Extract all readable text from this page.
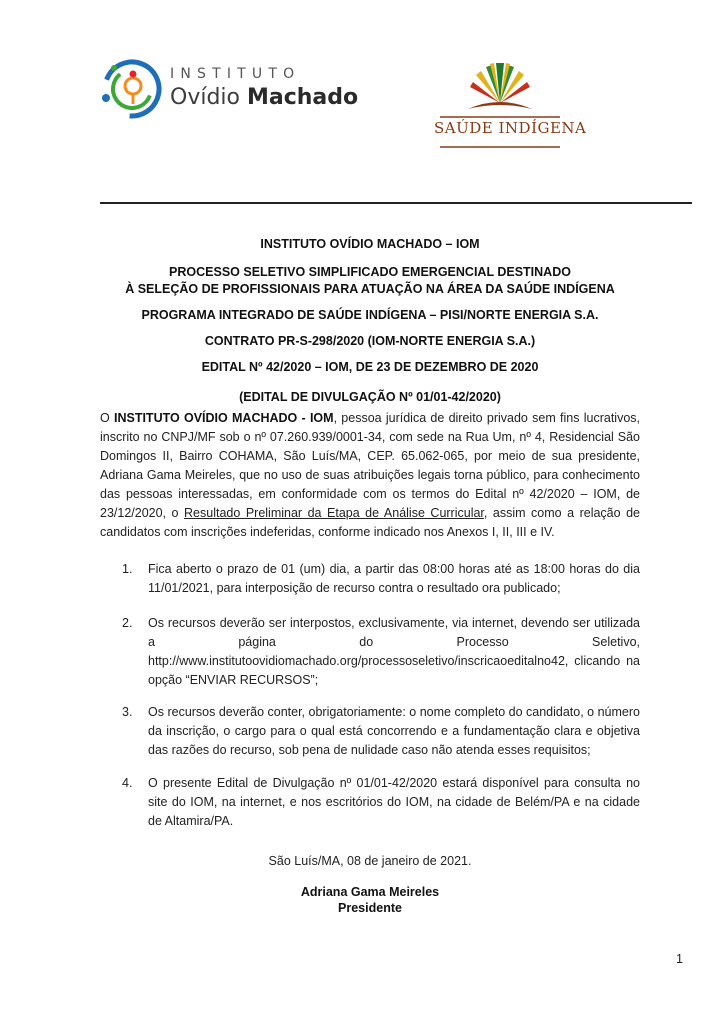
INSTITUTO
Ovídio Machado
SAÚDE INDÍGENA
INSTITUTO OVÍDIO MACHADO – IOM
PROCESSO SELETIVO SIMPLIFICADO EMERGENCIAL DESTINADO
À SELEÇÃO DE PROFISSIONAIS PARA ATUAÇÃO NA ÁREA DA SAÚDE INDÍGENA
PROGRAMA INTEGRADO DE SAÚDE INDÍGENA – PISI/NORTE ENERGIA S.A.
CONTRATO PR-S-298/2020 (IOM-NORTE ENERGIA S.A.)
EDITAL Nº 42/2020 – IOM, DE 23 DE DEZEMBRO DE 2020
(EDITAL DE DIVULGAÇÃO Nº 01/01-42/2020)
O INSTITUTO OVÍDIO MACHADO - IOM, pessoa jurídica de direito privado sem fins lucrativos, inscrito no CNPJ/MF sob o nº 07.260.939/0001-34, com sede na Rua Um, nº 4, Residencial São Domingos II, Bairro COHAMA, São Luís/MA, CEP. 65.062-065, por meio de sua presidente, Adriana Gama Meireles, que no uso de suas atribuições legais torna público, para conhecimento das pessoas interessadas, em conformidade com os termos do Edital nº 42/2020 – IOM, de 23/12/2020, o Resultado Preliminar da Etapa de Análise Curricular, assim como a relação de candidatos com inscrições indeferidas, conforme indicado nos Anexos I, II, III e IV.
1.	Fica aberto o prazo de 01 (um) dia, a partir das 08:00 horas até as 18:00 horas do dia 11/01/2021, para interposição de recurso contra o resultado ora publicado;
2.	Os recursos deverão ser interpostos, exclusivamente, via internet, devendo ser utilizada a página do Processo Seletivo, http://www.institutoovidiomachado.org/processoseletivo/inscricaoeditalno42, clicando na opção “ENVIAR RECURSOS”;
3.	Os recursos deverão conter, obrigatoriamente: o nome completo do candidato, o número da inscrição, o cargo para o qual está concorrendo e a fundamentação clara e objetiva das razões do recurso, sob pena de nulidade caso não atenda esses requisitos;
4.	O presente Edital de Divulgação nº 01/01-42/2020 estará disponível para consulta no site do IOM, na internet, e nos escritórios do IOM, na cidade de Belém/PA e na cidade de Altamira/PA.
São Luís/MA, 08 de janeiro de 2021.
Adriana Gama Meireles
Presidente
1
